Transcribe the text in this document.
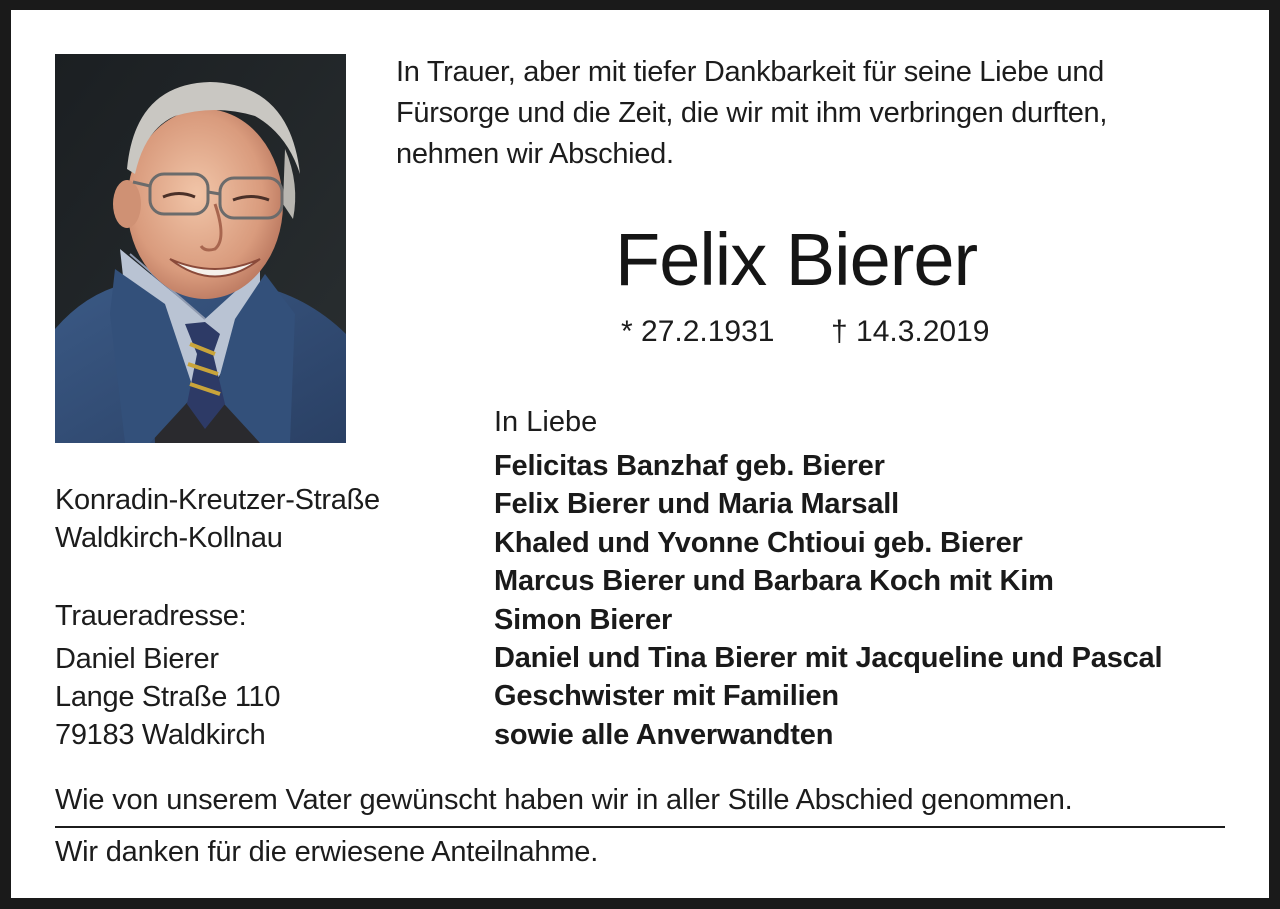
In Trauer, aber mit tiefer Dankbarkeit für seine Liebe und
Fürsorge und die Zeit, die wir mit ihm verbringen durften,
nehmen wir Abschied.
Felix Bierer
* 27.2.1931 † 14.3.2019
Konradin-Kreutzer-Straße
Waldkirch-Kollnau
Traueradresse:
Daniel Bierer
Lange Straße 110
79183 Waldkirch
In Liebe
Felicitas Banzhaf geb. Bierer
Felix Bierer und Maria Marsall
Khaled und Yvonne Chtioui geb. Bierer
Marcus Bierer und Barbara Koch mit Kim
Simon Bierer
Daniel und Tina Bierer mit Jacqueline und Pascal
Geschwister mit Familien
sowie alle Anverwandten
Wie von unserem Vater gewünscht haben wir in aller Stille Abschied genommen.
Wir danken für die erwiesene Anteilnahme.
